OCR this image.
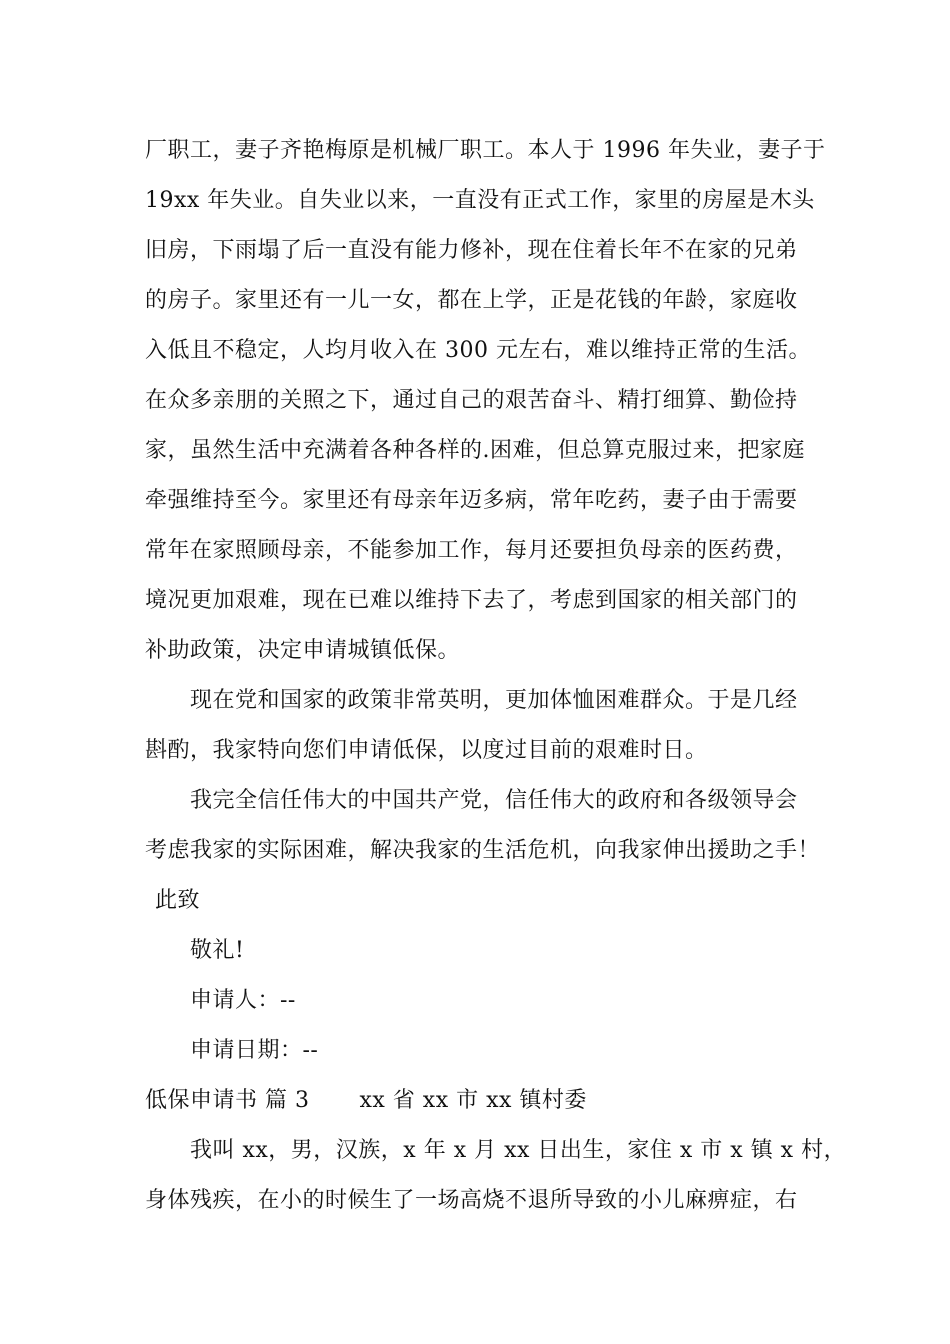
厂职工，妻子齐艳梅原是机械厂职工。本人于 1996 年失业，妻子于
19xx 年失业。自失业以来，一直没有正式工作，家里的房屋是木头
旧房，下雨塌了后一直没有能力修补，现在住着长年不在家的兄弟
的房子。家里还有一儿一女，都在上学，正是花钱的年龄，家庭收
入低且不稳定，人均月收入在 300 元左右，难以维持正常的生活。
在众多亲朋的关照之下，通过自己的艰苦奋斗、精打细算、勤俭持
家，虽然生活中充满着各种各样的.困难，但总算克服过来，把家庭
牵强维持至今。家里还有母亲年迈多病，常年吃药，妻子由于需要
常年在家照顾母亲，不能参加工作，每月还要担负母亲的医药费，
境况更加艰难，现在已难以维持下去了，考虑到国家的相关部门的
补助政策，决定申请城镇低保。
现在党和国家的政策非常英明，更加体恤困难群众。于是几经
斟酌，我家特向您们申请低保，以度过目前的艰难时日。
我完全信任伟大的中国共产党，信任伟大的政府和各级领导会
考虑我家的实际困难，解决我家的生活危机，向我家伸出援助之手！
此致
敬礼!
申请人：--
申请日期：--
低保申请书 篇 3 xx 省 xx 市 xx 镇村委
我叫 xx，男，汉族，x 年 x 月 xx 日出生，家住 x 市 x 镇 x 村，
身体残疾，在小的时候生了一场高烧不退所导致的小儿麻痹症，右
